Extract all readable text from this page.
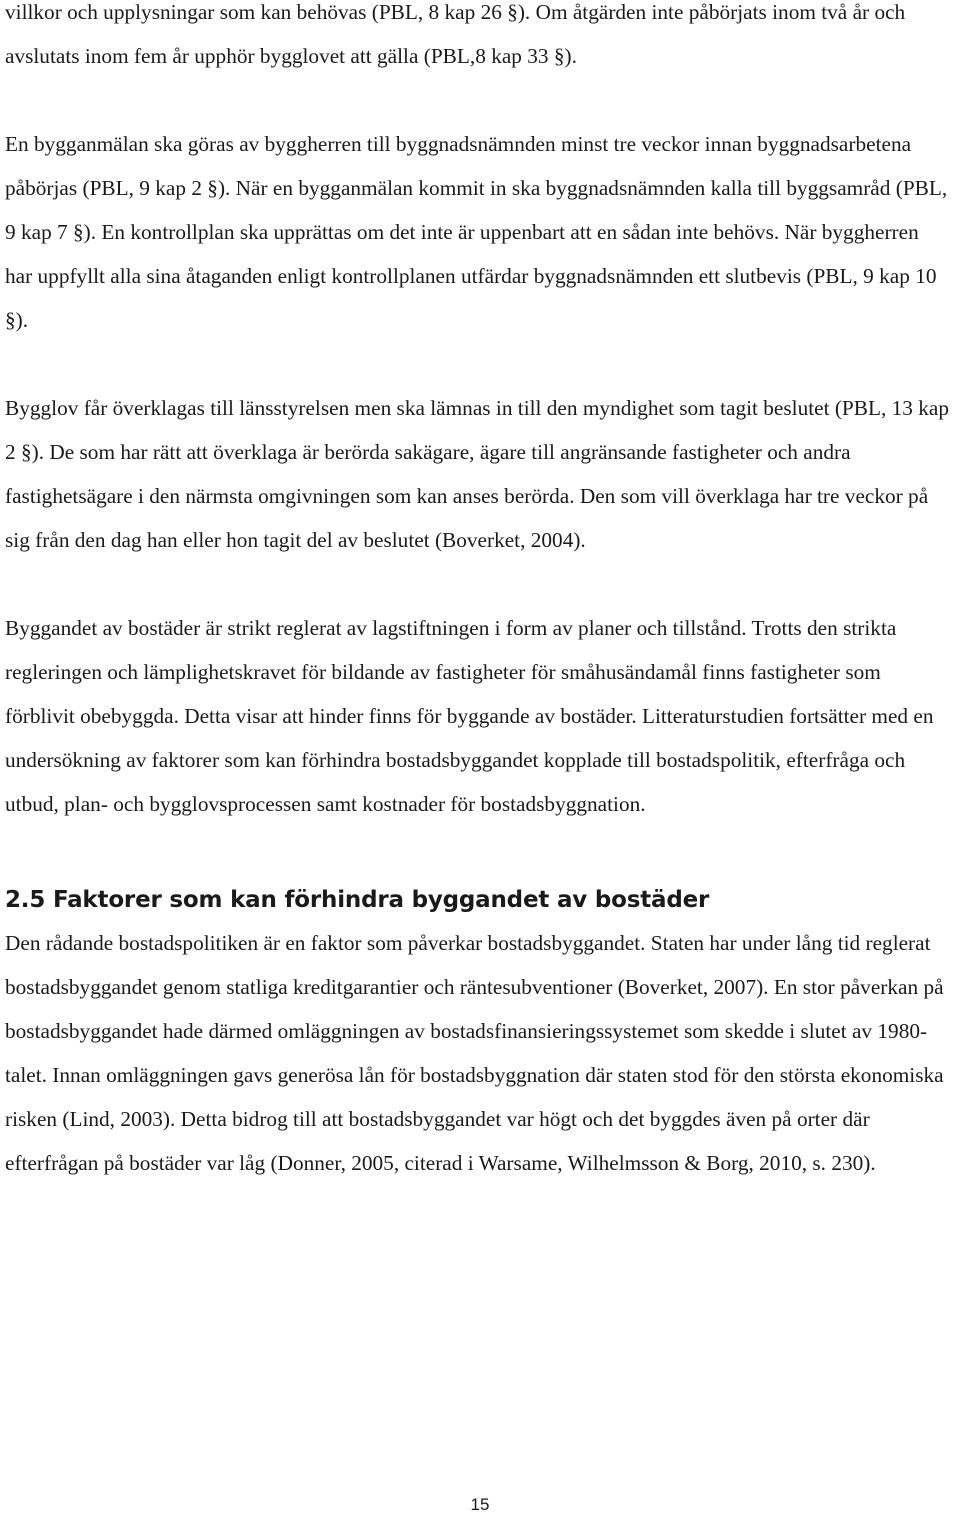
villkor och upplysningar som kan behövas (PBL, 8 kap 26 §). Om åtgärden inte påbörjats inom två år och avslutats inom fem år upphör bygglovet att gälla (PBL,8 kap 33 §).

En bygganmälan ska göras av byggherren till byggnadsnämnden minst tre veckor innan byggnadsarbetena påbörjas (PBL, 9 kap 2 §). När en bygganmälan kommit in ska byggnadsnämnden kalla till byggsamråd (PBL, 9 kap 7 §). En kontrollplan ska upprättas om det inte är uppenbart att en sådan inte behövs. När byggherren har uppfyllt alla sina åtaganden enligt kontrollplanen utfärdar byggnadsnämnden ett slutbevis (PBL, 9 kap 10 §).

Bygglov får överklagas till länsstyrelsen men ska lämnas in till den myndighet som tagit beslutet (PBL, 13 kap 2 §). De som har rätt att överklaga är berörda sakägare, ägare till angränsande fastigheter och andra fastighetsägare i den närmsta omgivningen som kan anses berörda. Den som vill överklaga har tre veckor på sig från den dag han eller hon tagit del av beslutet (Boverket, 2004).

Byggandet av bostäder är strikt reglerat av lagstiftningen i form av planer och tillstånd. Trotts den strikta regleringen och lämplighetskravet för bildande av fastigheter för småhusändamål finns fastigheter som förblivit obebyggda. Detta visar att hinder finns för byggande av bostäder. Litteraturstudien fortsätter med en undersökning av faktorer som kan förhindra bostadsbyggandet kopplade till bostadspolitik, efterfråga och utbud, plan- och bygglovsprocessen samt kostnader för bostadsbyggnation.

2.5 Faktorer som kan förhindra byggandet av bostäder

Den rådande bostadspolitiken är en faktor som påverkar bostadsbyggandet. Staten har under lång tid reglerat bostadsbyggandet genom statliga kreditgarantier och räntesubventioner (Boverket, 2007). En stor påverkan på bostadsbyggandet hade därmed omläggningen av bostadsfinansieringssystemet som skedde i slutet av 1980-talet. Innan omläggningen gavs generösa lån för bostadsbyggnation där staten stod för den största ekonomiska risken (Lind, 2003). Detta bidrog till att bostadsbyggandet var högt och det byggdes även på orter där efterfrågan på bostäder var låg (Donner, 2005, citerad i Warsame, Wilhelmsson & Borg, 2010, s. 230).

15
